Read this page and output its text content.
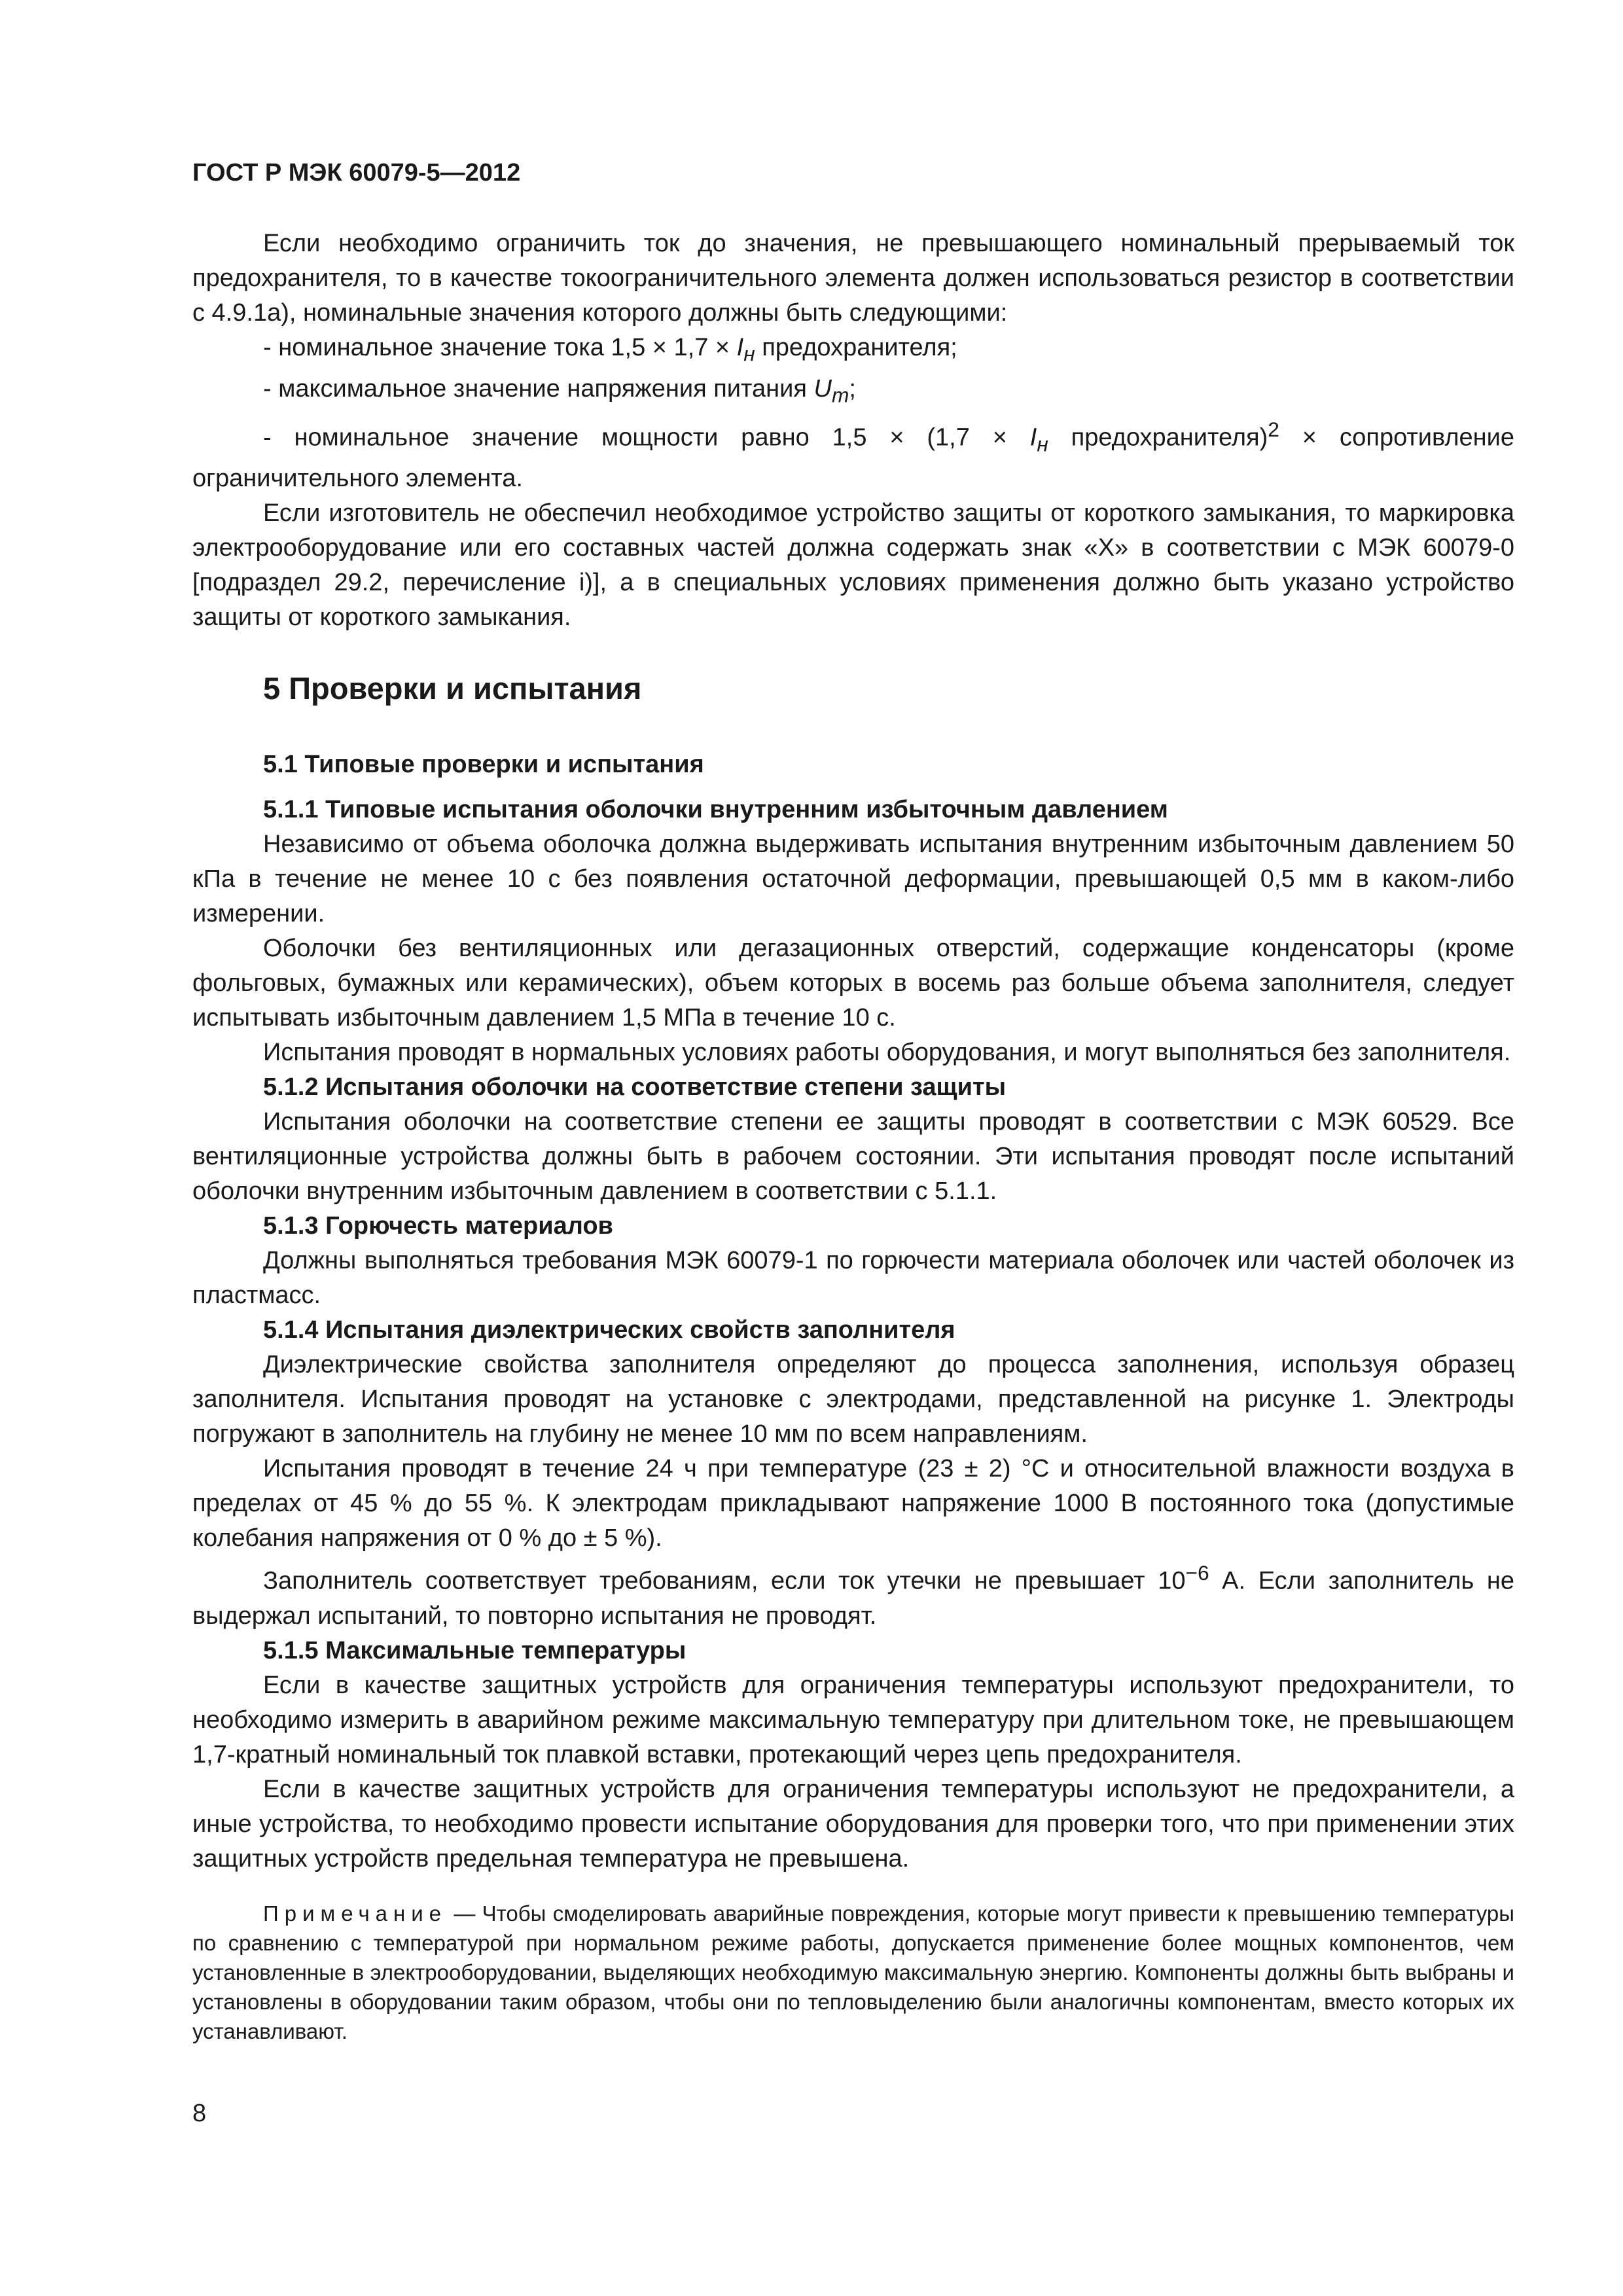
ГОСТ Р МЭК 60079-5—2012

Если необходимо ограничить ток до значения, не превышающего номинальный прерываемый ток предохранителя, то в качестве токоограничительного элемента должен использоваться резистор в соответствии с 4.9.1a), номинальные значения которого должны быть следующими:

- номинальное значение тока $1,5 \times 1,7 \times I_н$ предохранителя;

- максимальное значение напряжения питания $U_m$;

- номинальное значение мощности равно $1,5 \times (1,7 \times I_н$ предохранителя)$^2$ × сопротивление ограничительного элемента.

Если изготовитель не обеспечил необходимое устройство защиты от короткого замыкания, то маркировка электрооборудование или его составных частей должна содержать знак «X» в соответствии с МЭК 60079-0 [подраздел 29.2, перечисление i)], а в специальных условиях применения должно быть указано устройство защиты от короткого замыкания.

5 Проверки и испытания
5.1 Типовые проверки и испытания
5.1.1 Типовые испытания оболочки внутренним избыточным давлением

Независимо от объема оболочка должна выдерживать испытания внутренним избыточным давлением 50 кПа в течение не менее 10 с без появления остаточной деформации, превышающей 0,5 мм в каком-либо измерении.

Оболочки без вентиляционных или дегазационных отверстий, содержащие конденсаторы (кроме фольговых, бумажных или керамических), объем которых в восемь раз больше объема заполнителя, следует испытывать избыточным давлением 1,5 МПа в течение 10 с.

Испытания проводят в нормальных условиях работы оборудования, и могут выполняться без заполнителя.

5.1.2 Испытания оболочки на соответствие степени защиты

Испытания оболочки на соответствие степени ее защиты проводят в соответствии с МЭК 60529. Все вентиляционные устройства должны быть в рабочем состоянии. Эти испытания проводят после испытаний оболочки внутренним избыточным давлением в соответствии с 5.1.1.

5.1.3 Горючесть материалов

Должны выполняться требования МЭК 60079-1 по горючести материала оболочек или частей оболочек из пластмасс.

5.1.4 Испытания диэлектрических свойств заполнителя

Диэлектрические свойства заполнителя определяют до процесса заполнения, используя образец заполнителя. Испытания проводят на установке с электродами, представленной на рисунке 1. Электроды погружают в заполнитель на глубину не менее 10 мм по всем направлениям.

Испытания проводят в течение 24 ч при температуре (23 ± 2) °С и относительной влажности воздуха в пределах от 45 % до 55 %. К электродам прикладывают напряжение 1000 В постоянного тока (допустимые колебания напряжения от 0 % до ± 5 %).

Заполнитель соответствует требованиям, если ток утечки не превышает $10^{-6}$ А. Если заполнитель не выдержал испытаний, то повторно испытания не проводят.

5.1.5 Максимальные температуры

Если в качестве защитных устройств для ограничения температуры используют предохранители, то необходимо измерить в аварийном режиме максимальную температуру при длительном токе, не превышающем 1,7-кратный номинальный ток плавкой вставки, протекающий через цепь предохранителя.

Если в качестве защитных устройств для ограничения температуры используют не предохранители, а иные устройства, то необходимо провести испытание оборудования для проверки того, что при применении этих защитных устройств предельная температура не превышена.

Примечание — Чтобы смоделировать аварийные повреждения, которые могут привести к превышению температуры по сравнению с температурой при нормальном режиме работы, допускается применение более мощных компонентов, чем установленные в электрооборудовании, выделяющих необходимую максимальную энергию. Компоненты должны быть выбраны и установлены в оборудовании таким образом, чтобы они по тепловыделению были аналогичны компонентам, вместо которых их устанавливают.

8
